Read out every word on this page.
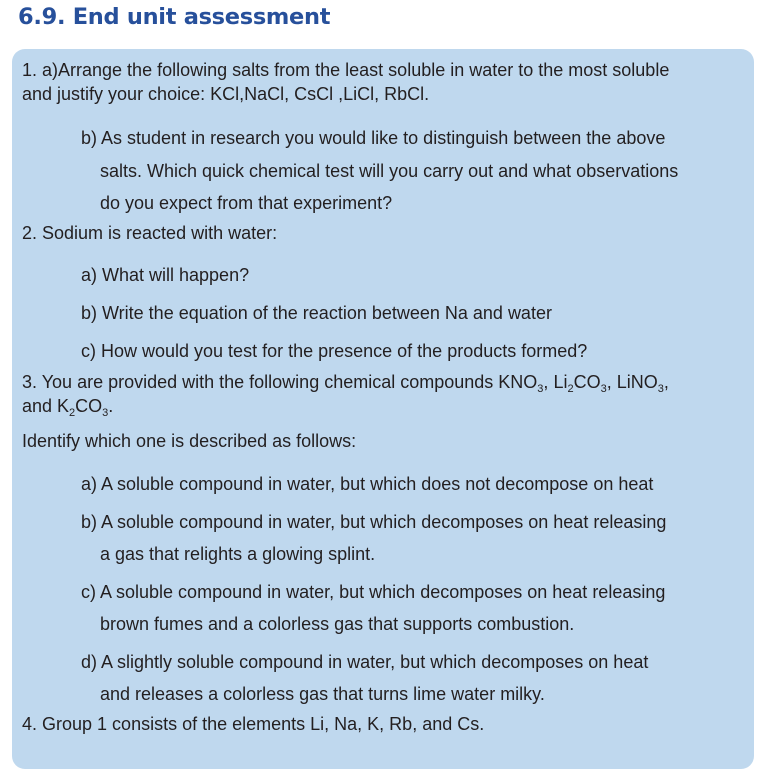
6.9. End unit assessment
1. a)Arrange the following salts from the least soluble in water to the most soluble
and justify your choice: KCl,NaCl, CsCl ,LiCl, RbCl.
b) As student in research you would like to distinguish between the above
salts. Which quick chemical test will you carry out and what observations
do you expect from that experiment?
2. Sodium is reacted with water:
a) What will happen?
b) Write the equation of the reaction between Na and water
c) How would you test for the presence of the products formed?
3. You are provided with the following chemical compounds $KNO_3$, $Li_2CO_3$, LiNO$_3$,
and $K_2CO_3$.
Identify which one is described as follows:
a) A soluble compound in water, but which does not decompose on heat
b) A soluble compound in water, but which decomposes on heat releasing
a gas that relights a glowing splint.
c) A soluble compound in water, but which decomposes on heat releasing
brown fumes and a colorless gas that supports combustion.
d) A slightly soluble compound in water, but which decomposes on heat
and releases a colorless gas that turns lime water milky.
4. Group 1 consists of the elements Li, Na, K, Rb, and Cs.
